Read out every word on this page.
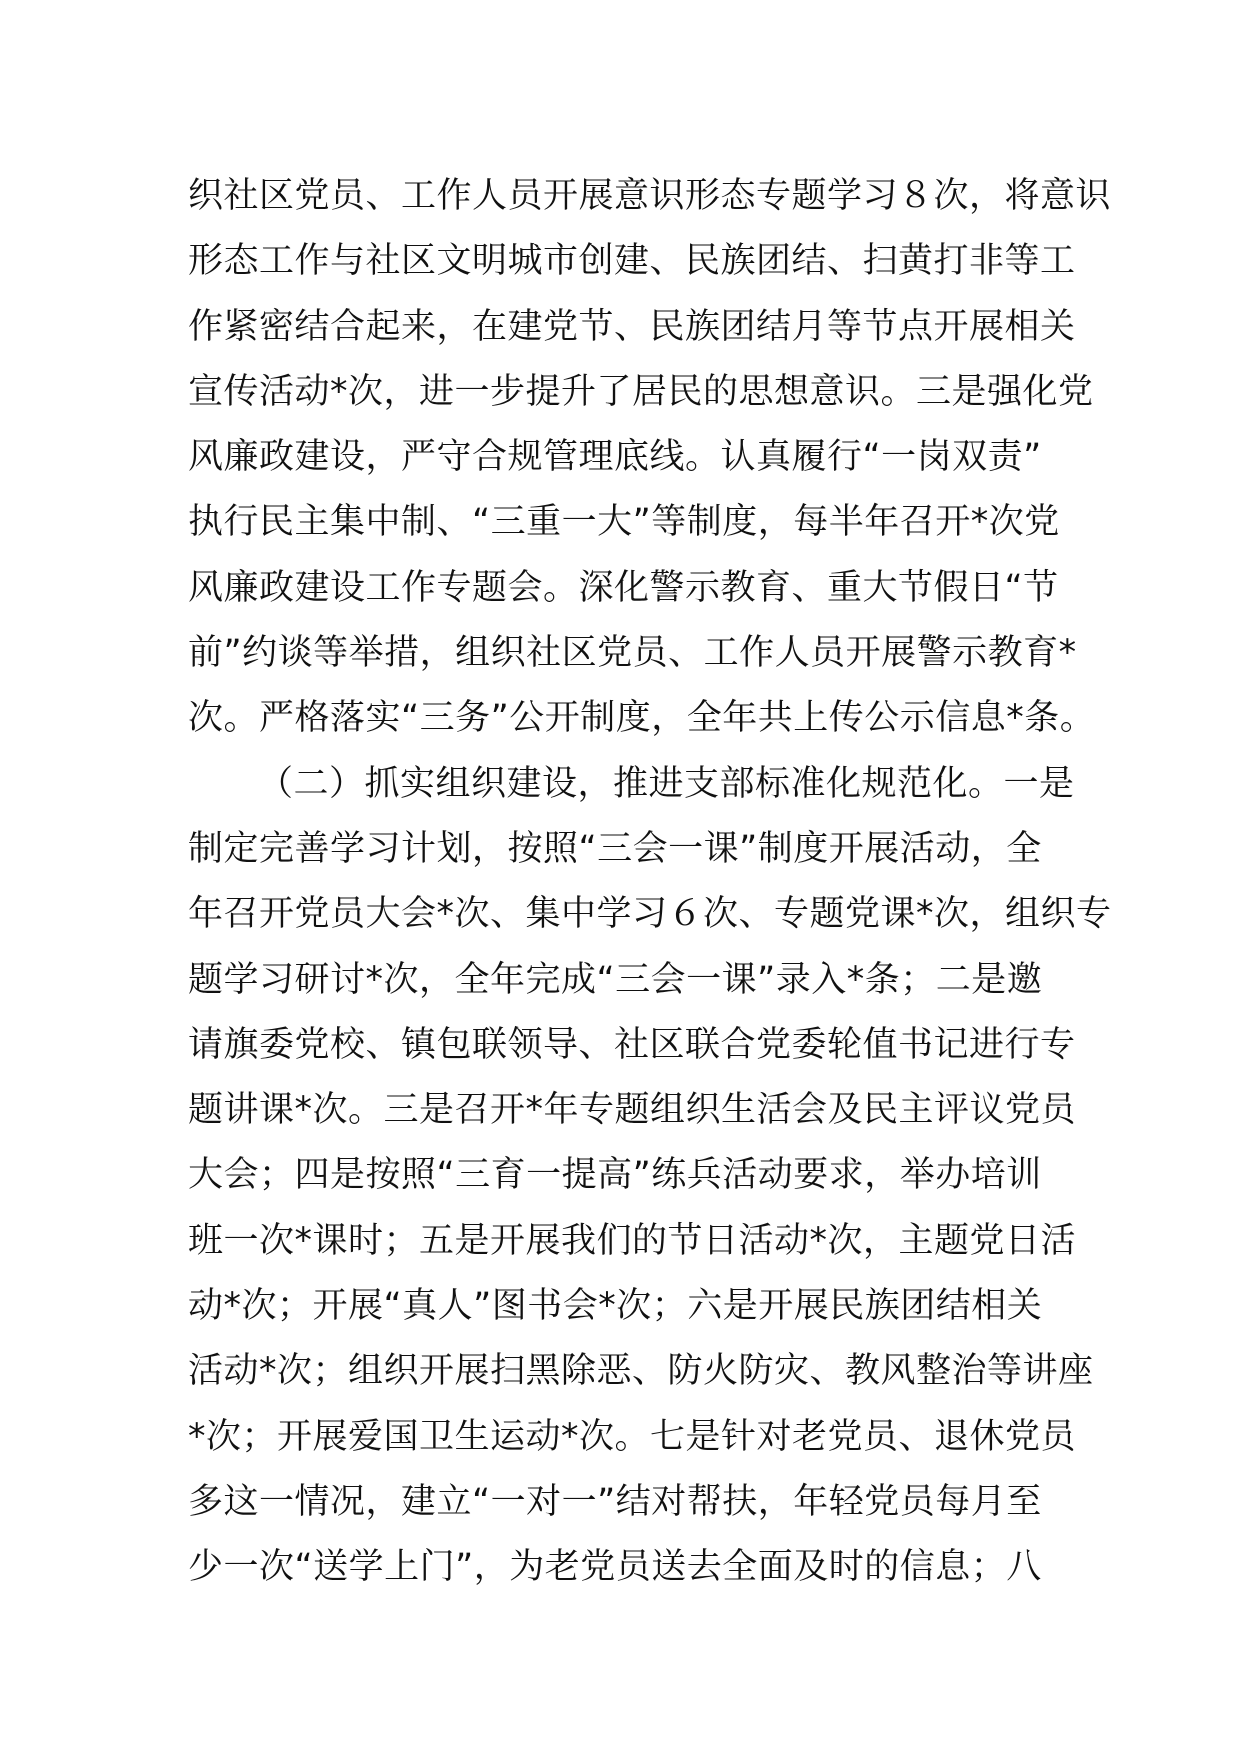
织社区党员、工作人员开展意识形态专题学习８次，将意识
形态工作与社区文明城市创建、民族团结、扫黄打非等工
作紧密结合起来，在建党节、民族团结月等节点开展相关
宣传活动*次，进一步提升了居民的思想意识。三是强化党
风廉政建设，严守合规管理底线。认真履行“一岗双责”
执行民主集中制、“三重一大”等制度，每半年召开*次党
风廉政建设工作专题会。深化警示教育、重大节假日“节
前”约谈等举措，组织社区党员、工作人员开展警示教育*
次。严格落实“三务”公开制度，全年共上传公示信息*条。
（二）抓实组织建设，推进支部标准化规范化。一是
制定完善学习计划，按照“三会一课”制度开展活动，全
年召开党员大会*次、集中学习６次、专题党课*次，组织专
题学习研讨*次，全年完成“三会一课”录入*条；二是邀
请旗委党校、镇包联领导、社区联合党委轮值书记进行专
题讲课*次。三是召开*年专题组织生活会及民主评议党员
大会；四是按照“三育一提高”练兵活动要求，举办培训
班一次*课时；五是开展我们的节日活动*次，主题党日活
动*次；开展“真人”图书会*次；六是开展民族团结相关
活动*次；组织开展扫黑除恶、防火防灾、教风整治等讲座
*次；开展爱国卫生运动*次。七是针对老党员、退休党员
多这一情况，建立“一对一”结对帮扶，年轻党员每月至
少一次“送学上门”，为老党员送去全面及时的信息；八
